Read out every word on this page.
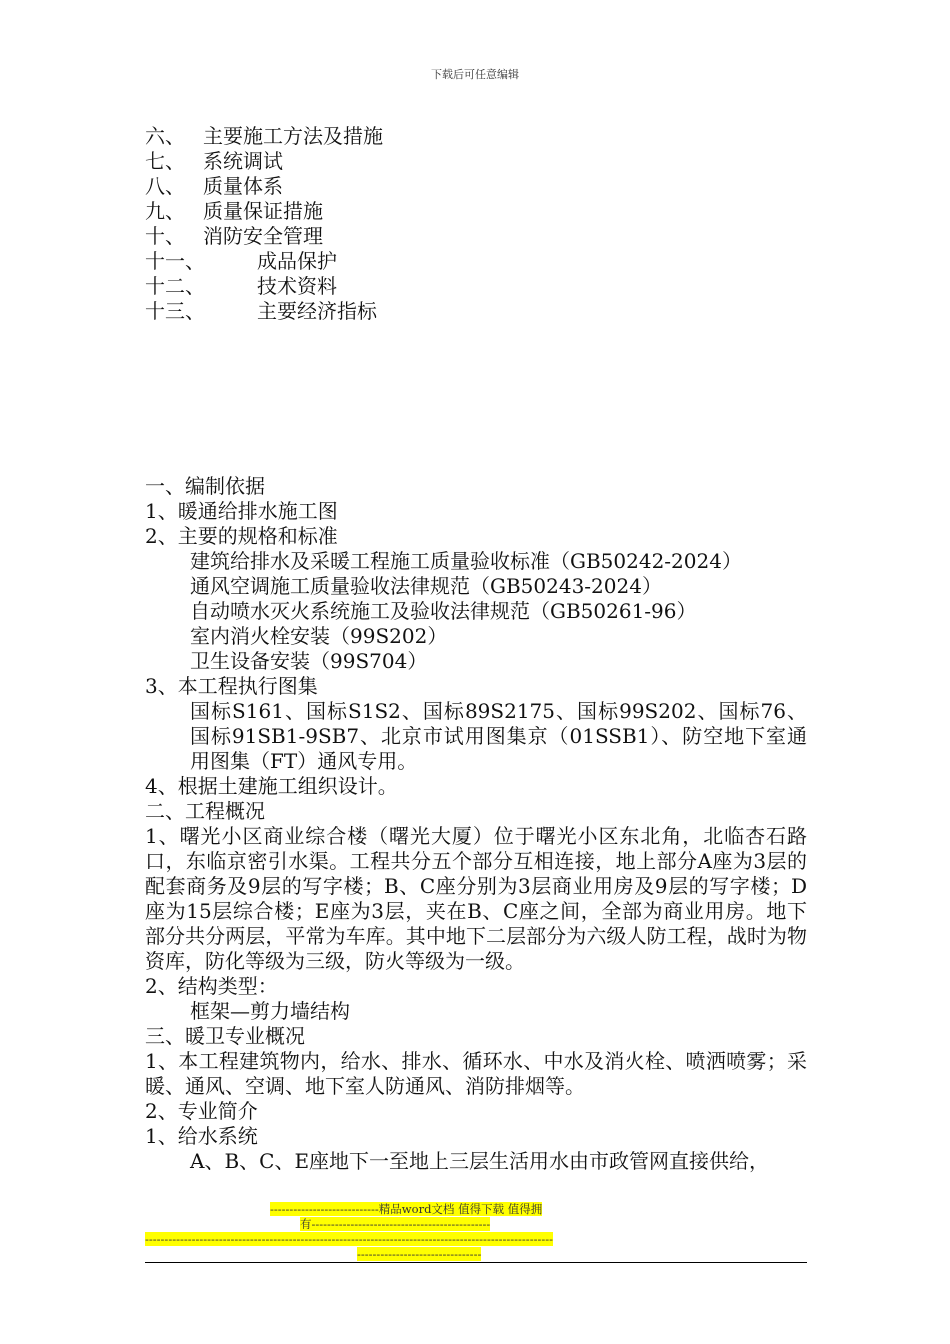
下载后可任意编辑
六、 主要施工方法及措施
七、 系统调试
八、 质量体系
九、 质量保证措施
十、 消防安全管理
十一、	成品保护
十二、	技术资料
十三、	主要经济指标

一、编制依据

1、暖通给排水施工图

2、主要的规格和标准

建筑给排水及采暖工程施工质量验收标准（GB50242-2024）

通风空调施工质量验收法律规范（GB50243-2024）

自动喷水灭火系统施工及验收法律规范（GB50261-96）

室内消火栓安装（99S202）

卫生设备安装（99S704）

3、本工程执行图集

国标S161、国标S1S2、国标89S2175、国标99S202、国标76、国标91SB1-9SB7、北京市试用图集京（01SSB1）、防空地下室通用图集（FT）通风专用。

4、根据土建施工组织设计。

二、工程概况

1、曙光小区商业综合楼（曙光大厦）位于曙光小区东北角，北临杏石路口，东临京密引水渠。工程共分五个部分互相连接，地上部分A座为3层的配套商务及9层的写字楼；B、C座分别为3层商业用房及9层的写字楼；D座为15层综合楼；E座为3层，夹在B、C座之间，全部为商业用房。地下部分共分两层，平常为车库。其中地下二层部分为六级人防工程，战时为物资库，防化等级为三级，防火等级为一级。

2、结构类型：

框架—剪力墙结构

三、暖卫专业概况

1、本工程建筑物内，给水、排水、循环水、中水及消火栓、喷洒喷雾；采暖、通风、空调、地下室人防通风、消防排烟等。

2、专业简介

1、给水系统

A、B、C、E座地下一至地上三层生活用水由市政管网直接供给，

----------------------------精品word文档 值得下载 值得拥
有----------------------------------------------
---------------------------------------------------------------------------------------------------------
--------------------------------
